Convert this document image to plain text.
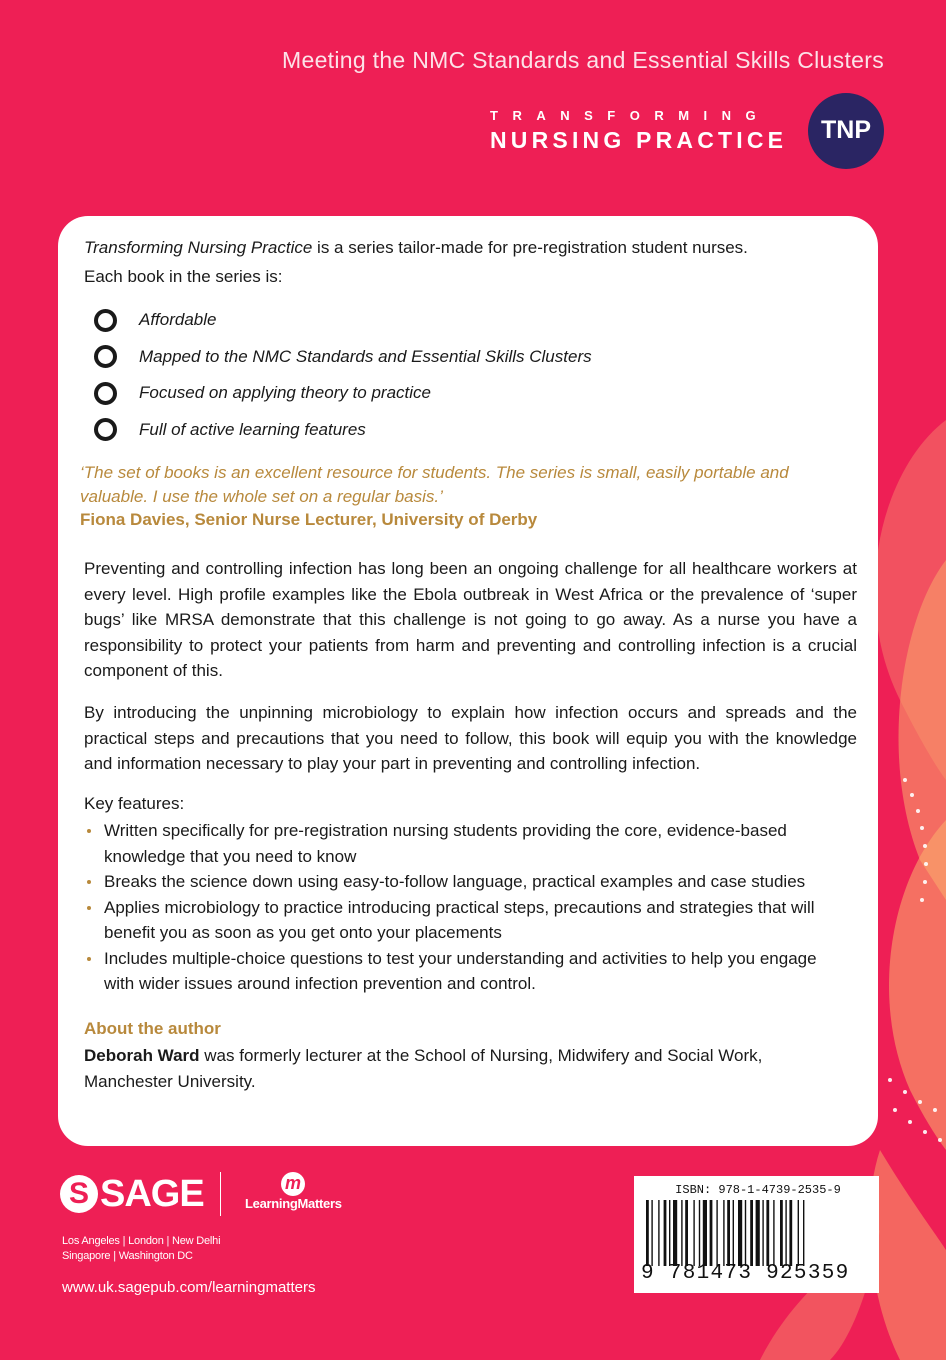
Meeting the NMC Standards and Essential Skills Clusters
TRANSFORMING
NURSING PRACTICE	TNP
Transforming Nursing Practice is a series tailor-made for pre-registration student nurses.
Each book in the series is:
Affordable
Mapped to the NMC Standards and Essential Skills Clusters
Focused on applying theory to practice
Full of active learning features
‘The set of books is an excellent resource for students. The series is small, easily portable and valuable. I use the whole set on a regular basis.’
Fiona Davies, Senior Nurse Lecturer, University of Derby
Preventing and controlling infection has long been an ongoing challenge for all healthcare workers at every level. High profile examples like the Ebola outbreak in West Africa or the prevalence of ‘super bugs’ like MRSA demonstrate that this challenge is not going to go away. As a nurse you have a responsibility to protect your patients from harm and preventing and controlling infection is a crucial component of this.
By introducing the unpinning microbiology to explain how infection occurs and spreads and the practical steps and precautions that you need to follow, this book will equip you with the knowledge and information necessary to play your part in preventing and controlling infection.
Key features:
Written specifically for pre-registration nursing students providing the core, evidence-based knowledge that you need to know
Breaks the science down using easy-to-follow language, practical examples and case studies
Applies microbiology to practice introducing practical steps, precautions and strategies that will benefit you as soon as you get onto your placements
Includes multiple-choice questions to test your understanding and activities to help you engage with wider issues around infection prevention and control.
About the author
Deborah Ward was formerly lecturer at the School of Nursing, Midwifery and Social Work, Manchester University.
S SAGE	m
LearningMatters
Los Angeles | London | New Delhi
Singapore | Washington DC
www.uk.sagepub.com/learningmatters
ISBN: 978-1-4739-2535-9
9 781473 925359
